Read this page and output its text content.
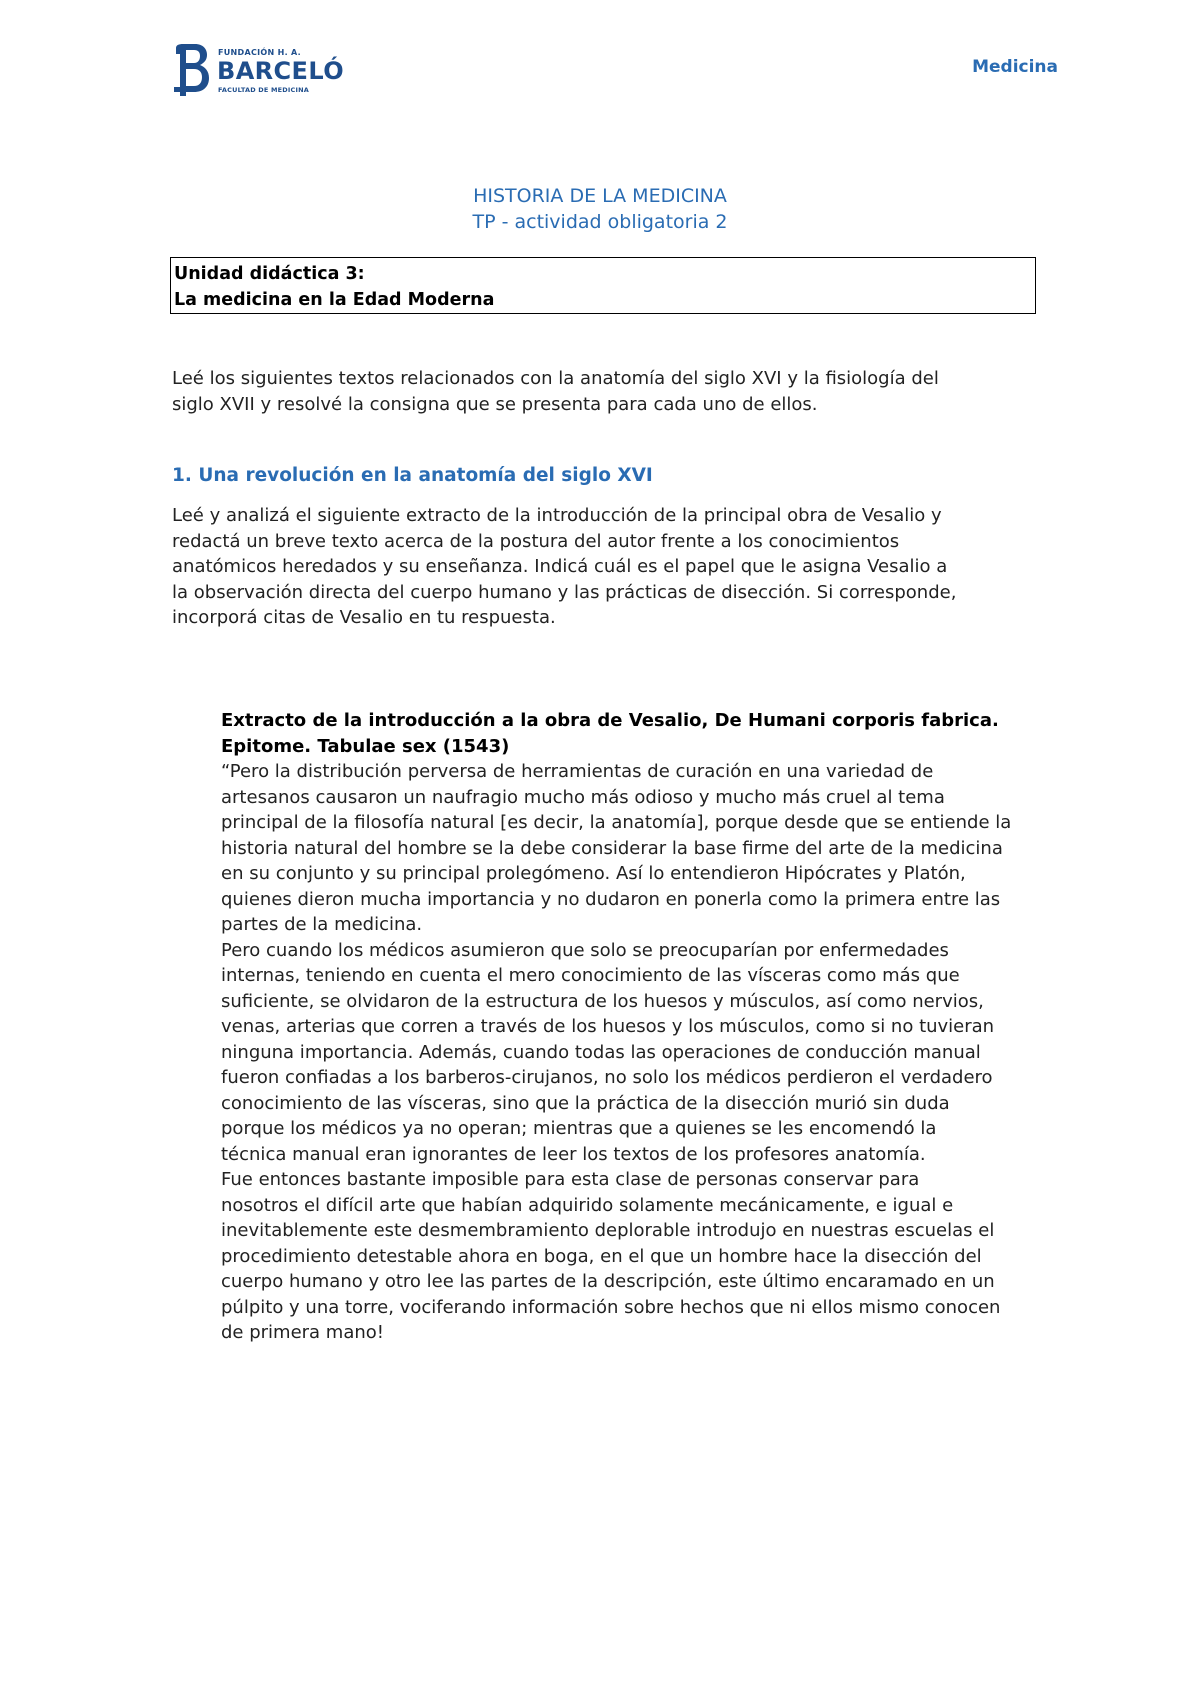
FUNDACIÓN H. A.
BARCELÓ
FACULTAD DE MEDICINA
Medicina
HISTORIA DE LA MEDICINA
TP - actividad obligatoria 2
Unidad didáctica 3:
La medicina en la Edad Moderna
Leé los siguientes textos relacionados con la anatomía del siglo XVI y la fisiología del
siglo XVII y resolvé la consigna que se presenta para cada uno de ellos.
1. Una revolución en la anatomía del siglo XVI
Leé y analizá el siguiente extracto de la introducción de la principal obra de Vesalio y
redactá un breve texto acerca de la postura del autor frente a los conocimientos
anatómicos heredados y su enseñanza. Indicá cuál es el papel que le asigna Vesalio a
la observación directa del cuerpo humano y las prácticas de disección. Si corresponde,
incorporá citas de Vesalio en tu respuesta.
Extracto de la introducción a la obra de Vesalio, De Humani corporis fabrica.
Epitome. Tabulae sex (1543)
“Pero la distribución perversa de herramientas de curación en una variedad de
artesanos causaron un naufragio mucho más odioso y mucho más cruel al tema
principal de la filosofía natural [es decir, la anatomía], porque desde que se entiende la
historia natural del hombre se la debe considerar la base firme del arte de la medicina
en su conjunto y su principal prolegómeno. Así lo entendieron Hipócrates y Platón,
quienes dieron mucha importancia y no dudaron en ponerla como la primera entre las
partes de la medicina.
Pero cuando los médicos asumieron que solo se preocuparían por enfermedades
internas, teniendo en cuenta el mero conocimiento de las vísceras como más que
suficiente, se olvidaron de la estructura de los huesos y músculos, así como nervios,
venas, arterias que corren a través de los huesos y los músculos, como si no tuvieran
ninguna importancia. Además, cuando todas las operaciones de conducción manual
fueron confiadas a los barberos-cirujanos, no solo los médicos perdieron el verdadero
conocimiento de las vísceras, sino que la práctica de la disección murió sin duda
porque los médicos ya no operan; mientras que a quienes se les encomendó la
técnica manual eran ignorantes de leer los textos de los profesores anatomía.
Fue entonces bastante imposible para esta clase de personas conservar para
nosotros el difícil arte que habían adquirido solamente mecánicamente, e igual e
inevitablemente este desmembramiento deplorable introdujo en nuestras escuelas el
procedimiento detestable ahora en boga, en el que un hombre hace la disección del
cuerpo humano y otro lee las partes de la descripción, este último encaramado en un
púlpito y una torre, vociferando información sobre hechos que ni ellos mismo conocen
de primera mano!
